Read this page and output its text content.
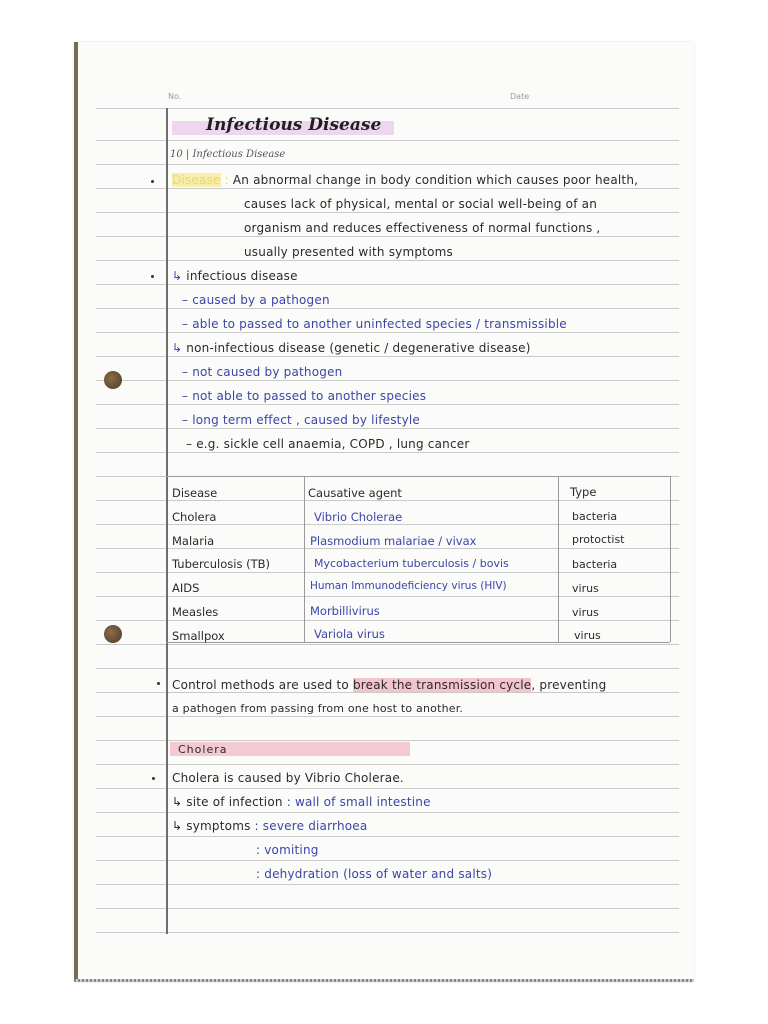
No.	Date
Infectious Disease
10 | Infectious Disease
Disease : An abnormal change in body condition which causes poor health,
causes lack of physical, mental or social well-being of an
organism and reduces effectiveness of normal functions ,
usually presented with symptoms
↳ infectious disease
– caused by a pathogen
– able to passed to another uninfected species / transmissible
↳ non-infectious disease (genetic / degenerative disease)
– not caused by pathogen
– not able to passed to another species
– long term effect , caused by lifestyle
– e.g. sickle cell anaemia, COPD , lung cancer
Disease	Causative agent	Type
Cholera	Vibrio Cholerae	bacteria
Malaria	Plasmodium malariae / vivax	protoctist
Tuberculosis (TB)	Mycobacterium tuberculosis / bovis	bacteria
AIDS	Human Immunodeficiency virus (HIV)	virus
Measles	Morbillivirus	virus
Smallpox	Variola virus	virus
Control methods are used to break the transmission cycle, preventing
a pathogen from passing from one host to another.
Cholera
Cholera is caused by Vibrio Cholerae.
↳ site of infection : wall of small intestine
↳ symptoms : severe diarrhoea
: vomiting
: dehydration (loss of water and salts)
